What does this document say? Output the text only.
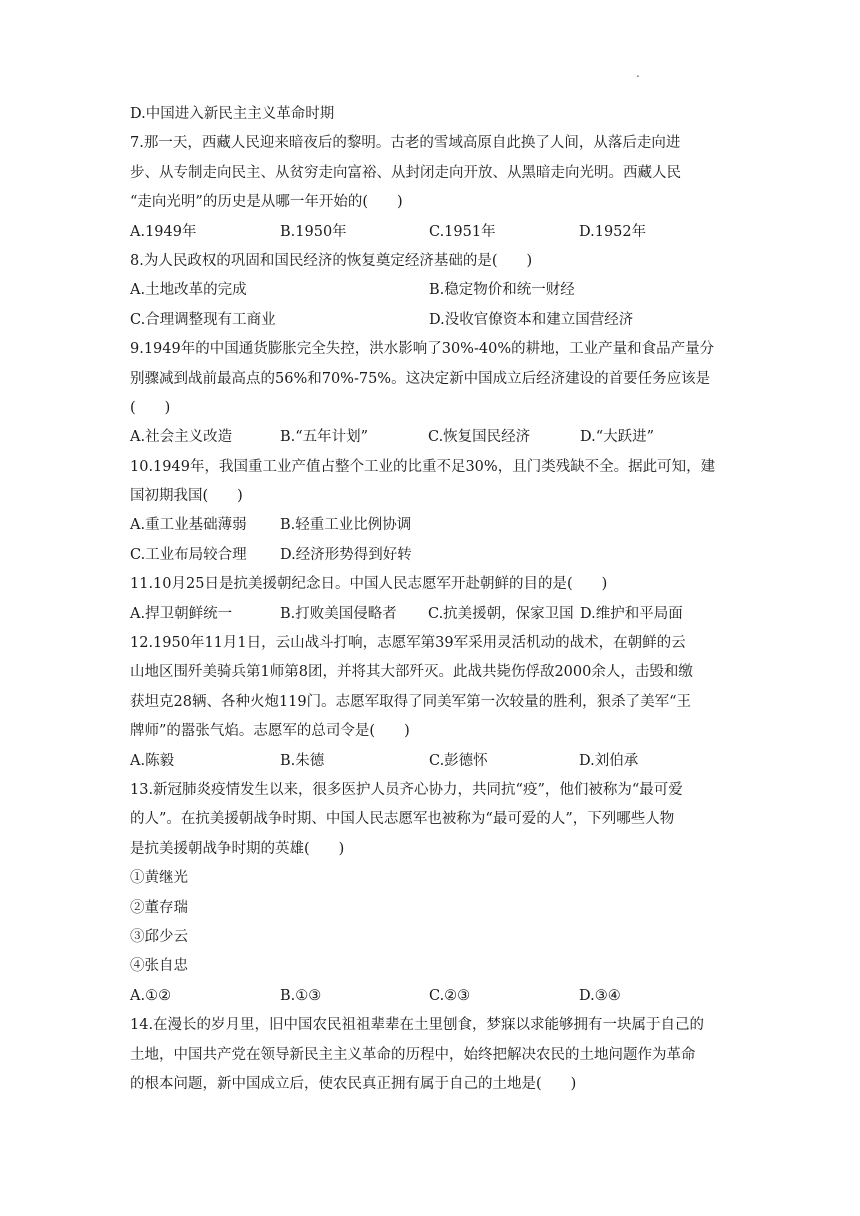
.
D.中国进入新民主主义革命时期
7.那一天，西藏人民迎来暗夜后的黎明。古老的雪域高原自此换了人间，从落后走向进
步、从专制走向民主、从贫穷走向富裕、从封闭走向开放、从黑暗走向光明。西藏人民
“走向光明”的历史是从哪一年开始的(　　)
A.1949年	B.1950年	C.1951年	D.1952年
8.为人民政权的巩固和国民经济的恢复奠定经济基础的是(　　)
A.土地改革的完成	B.稳定物价和统一财经
C.合理调整现有工商业	D.没收官僚资本和建立国营经济
9.1949年的中国通货膨胀完全失控，洪水影响了30%-40%的耕地，工业产量和食品产量分
别骤减到战前最高点的56%和70%-75%。这决定新中国成立后经济建设的首要任务应该是
(　　)
A.社会主义改造	B.“五年计划”	C.恢复国民经济	D.“大跃进”
10.1949年，我国重工业产值占整个工业的比重不足30%，且门类残缺不全。据此可知，建
国初期我国(　　)
A.重工业基础薄弱	B.轻重工业比例协调
C.工业布局较合理	D.经济形势得到好转
11.10月25日是抗美援朝纪念日。中国人民志愿军开赴朝鲜的目的是(　　)
A.捍卫朝鲜统一	B.打败美国侵略者	C.抗美援朝，保家卫国 D.维护和平局面
12.1950年11月1日，云山战斗打响，志愿军第39军采用灵活机动的战术，在朝鲜的云
山地区围歼美骑兵第1师第8团，并将其大部歼灭。此战共毙伤俘敌2000余人，击毁和缴
获坦克28辆、各种火炮119门。志愿军取得了同美军第一次较量的胜利，狠杀了美军“王
牌师”的嚣张气焰。志愿军的总司令是(　　)
A.陈毅	B.朱德	C.彭德怀	D.刘伯承
13.新冠肺炎疫情发生以来，很多医护人员齐心协力，共同抗“疫”，他们被称为“最可爱
的人”。在抗美援朝战争时期、中国人民志愿军也被称为“最可爱的人”，下列哪些人物
是抗美援朝战争时期的英雄(　　)
①黄继光
②董存瑞
③邱少云
④张自忠
A.①②	B.①③	C.②③	D.③④
14.在漫长的岁月里，旧中国农民祖祖辈辈在土里刨食，梦寐以求能够拥有一块属于自己的
土地，中国共产党在领导新民主主义革命的历程中，始终把解决农民的土地问题作为革命
的根本问题，新中国成立后，使农民真正拥有属于自己的土地是(　　)
